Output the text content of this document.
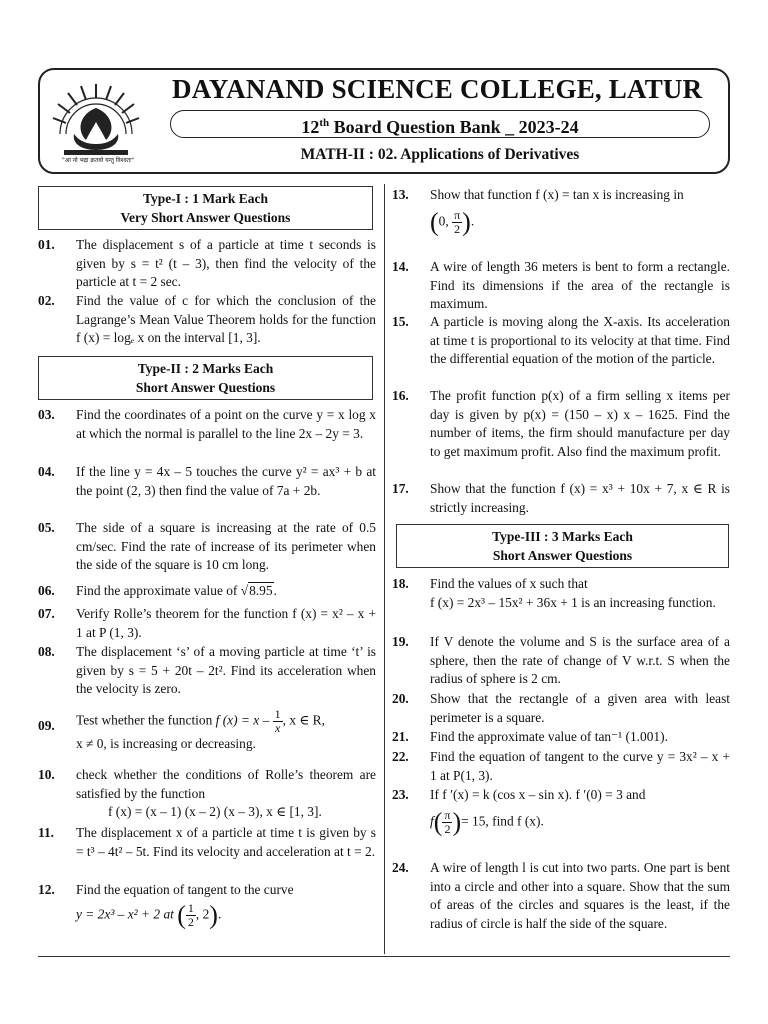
"आ नो भद्रा क्रतवो यन्तु विश्वतः"
DAYANAND SCIENCE COLLEGE, LATUR
12th Board Question Bank _ 2023-24
MATH-II : 02. Applications of Derivatives
Type-I : 1 Mark Each
Very Short Answer Questions
01. The displacement s of a particle at time t seconds is given by s = t² (t – 3), then find the velocity of the particle at t = 2 sec.
02. Find the value of c for which the conclusion of the Lagrange’s Mean Value Theorem holds for the function f (x) = logₑ x on the interval [1, 3].
Type-II : 2 Marks Each
Short Answer Questions
03. Find the coordinates of a point on the curve y = x log x at which the normal is parallel to the line 2x – 2y = 3.
04. If the line y = 4x – 5 touches the curve y² = ax³ + b at the point (2, 3) then find the value of 7a + 2b.
05. The side of a square is increasing at the rate of 0.5 cm/sec. Find the rate of increase of its perimeter when the side of the square is 10 cm long.
06. Find the approximate value of √8.95.
07. Verify Rolle’s theorem for the function f (x) = x² – x + 1 at P (1, 3).
08. The displacement ‘s’ of a moving particle at time ‘t’ is given by s = 5 + 20t – 2t². Find its acceleration when the velocity is zero.
09. Test whether the function f $(x) = x - \frac{1}{x}$ , x ∈ R,
x ≠ 0, is increasing or decreasing.
10. check whether the conditions of Rolle’s theorem are satisfied by the function
f (x) = (x – 1) (x – 2) (x – 3), x ∈ [1, 3].
11. The displacement x of a particle at time t is given by s = t³ – 4t² – 5t. Find its velocity and acceleration at t = 2.
12. Find the equation of tangent to the curve
y = 2x³ – x² + 2 at ( $\frac{1}{2}$ , 2).
13. Show that function f (x) = tan x is increasing in
(0, $\frac{\pi}{2}$ ).
14. A wire of length 36 meters is bent to form a rectangle. Find its dimensions if the area of the rectangle is maximum.
15. A particle is moving along the X-axis. Its acceleration at time t is proportional to its velocity at that time. Find the differential equation of the motion of the particle.
16. The profit function p(x) of a firm selling x items per day is given by p(x) = (150 – x) x – 1625. Find the number of items, the firm should manufacture per day to get maximum profit. Also find the maximum profit.
17. Show that the function f (x) = x³ + 10x + 7, x ∈ R is strictly increasing.
Type-III : 3 Marks Each
Short Answer Questions
18. Find the values of x such that
f (x) = 2x³ – 15x² + 36x + 1 is an increasing function.
19. If V denote the volume and S is the surface area of a sphere, then the rate of change of V w.r.t. S when the radius of sphere is 2 cm.
20. Show that the rectangle of a given area with least perimeter is a square.
21. Find the approximate value of tan⁻¹ (1.001).
22. Find the equation of tangent to the curve y = 3x² – x + 1 at P(1, 3).
23. If f ′(x) = k (cos x – sin x). f ′(0) = 3 and
$f( \frac{\pi}{2}$ )= 15, find f (x).
24. A wire of length l is cut into two parts. One part is bent into a circle and other into a square. Show that the sum of areas of the circles and squares is the least, if the radius of circle is half the side of the square.
